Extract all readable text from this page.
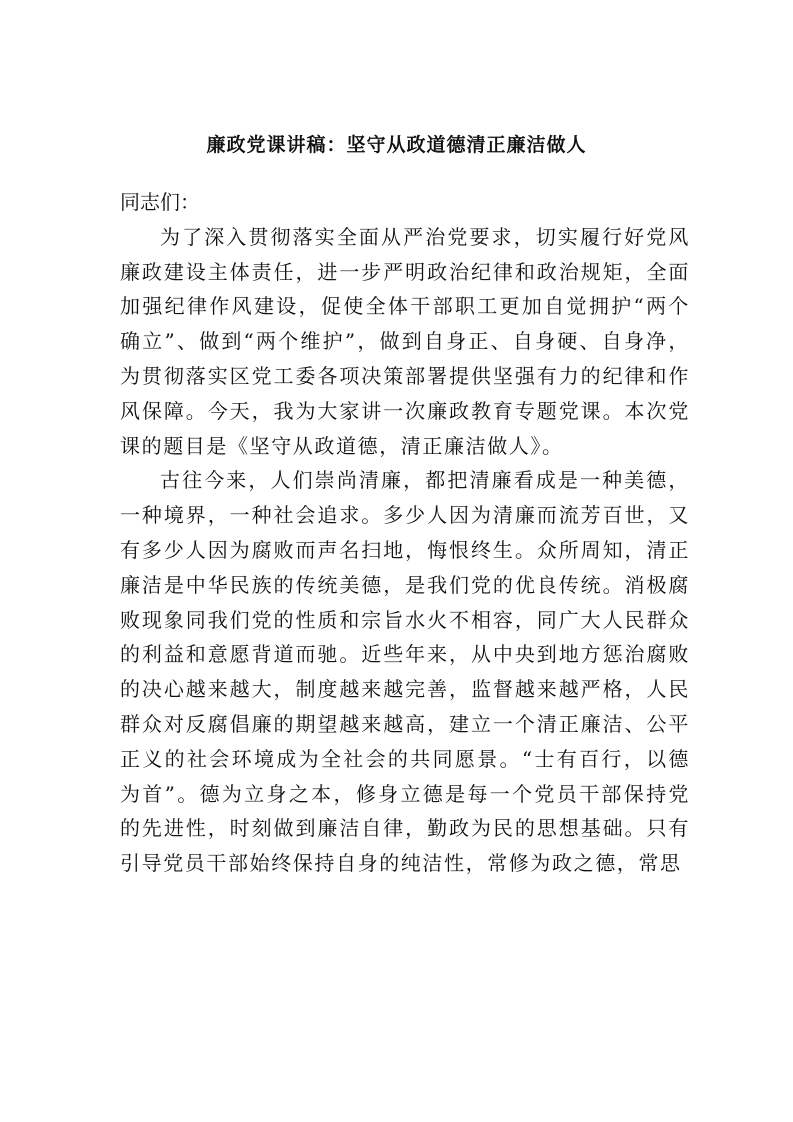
廉政党课讲稿：坚守从政道德清正廉洁做人

同志们：

为了深入贯彻落实全面从严治党要求，切实履行好党风廉政建设主体责任，进一步严明政治纪律和政治规矩，全面加强纪律作风建设，促使全体干部职工更加自觉拥护“两个确立”、做到“两个维护”，做到自身正、自身硬、自身净，为贯彻落实区党工委各项决策部署提供坚强有力的纪律和作风保障。今天，我为大家讲一次廉政教育专题党课。本次党课的题目是《坚守从政道德，清正廉洁做人》。

古往今来，人们崇尚清廉，都把清廉看成是一种美德，一种境界，一种社会追求。多少人因为清廉而流芳百世，又有多少人因为腐败而声名扫地，悔恨终生。众所周知，清正廉洁是中华民族的传统美德，是我们党的优良传统。消极腐败现象同我们党的性质和宗旨水火不相容，同广大人民群众的利益和意愿背道而驰。近些年来，从中央到地方惩治腐败的决心越来越大，制度越来越完善，监督越来越严格，人民群众对反腐倡廉的期望越来越高，建立一个清正廉洁、公平正义的社会环境成为全社会的共同愿景。“士有百行，以德为首”。德为立身之本，修身立德是每一个党员干部保持党的先进性，时刻做到廉洁自律，勤政为民的思想基础。只有引导党员干部始终保持自身的纯洁性，常修为政之德，常思
